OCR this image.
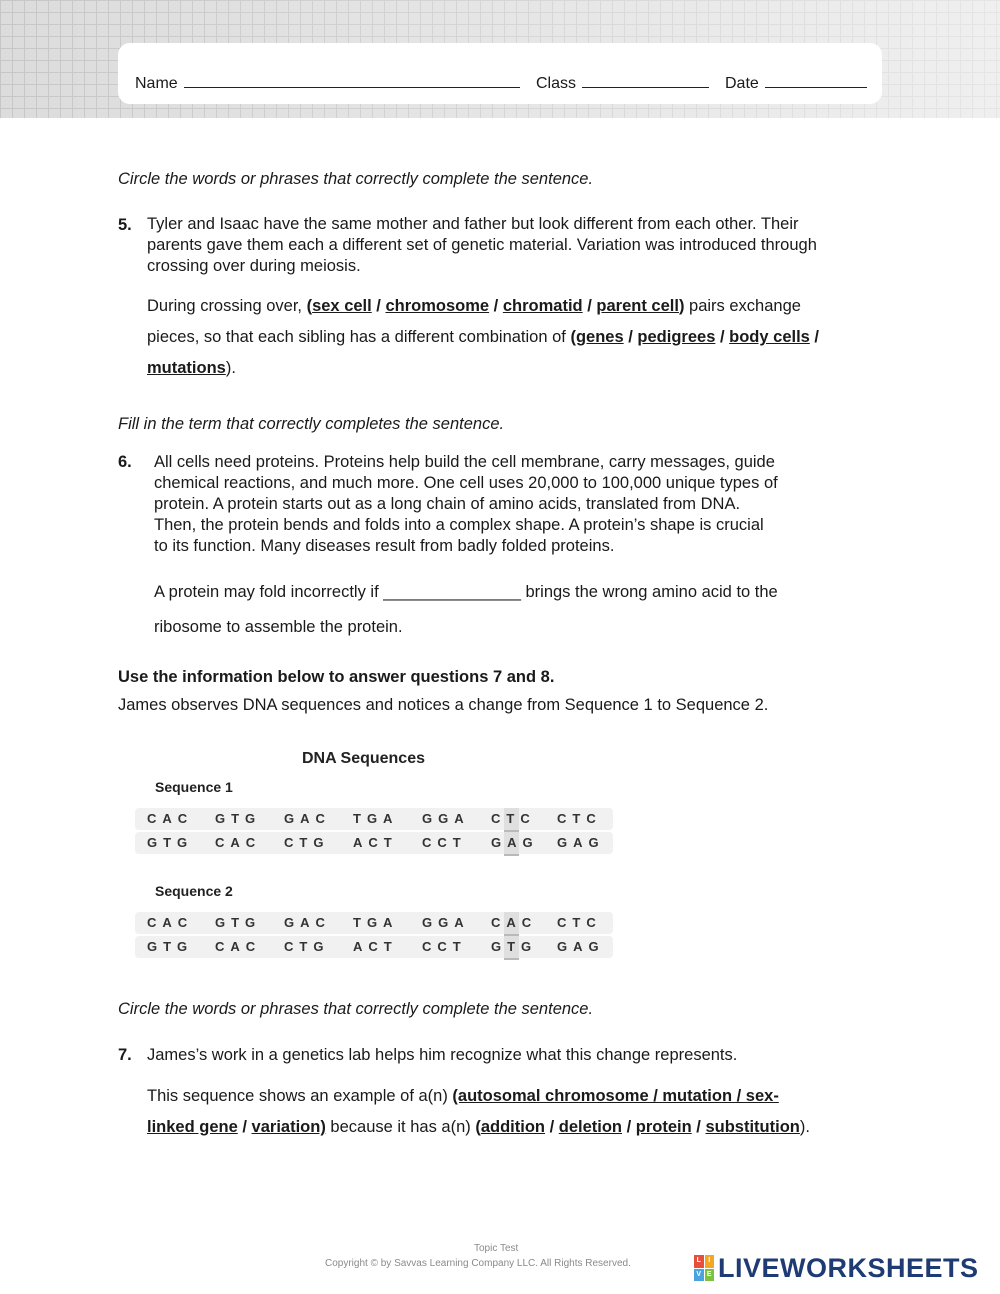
Name	Class	Date
Circle the words or phrases that correctly complete the sentence.
5. Tyler and Isaac have the same mother and father but look different from each other. Their
parents gave them each a different set of genetic material. Variation was introduced through
crossing over during meiosis.
During crossing over, (sex cell / chromosome / chromatid / parent cell) pairs exchange
pieces, so that each sibling has a different combination of (genes / pedigrees / body cells /
mutations).
Fill in the term that correctly completes the sentence.
6. All cells need proteins. Proteins help build the cell membrane, carry messages, guide
chemical reactions, and much more. One cell uses 20,000 to 100,000 unique types of
protein. A protein starts out as a long chain of amino acids, translated from DNA.
Then, the protein bends and folds into a complex shape. A protein’s shape is crucial
to its function. Many diseases result from badly folded proteins.
A protein may fold incorrectly if _______________ brings the wrong amino acid to the
ribosome to assemble the protein.
Use the information below to answer questions 7 and 8.
James observes DNA sequences and notices a change from Sequence 1 to Sequence 2.
DNA Sequences
Sequence 1
CAC GTG GAC TGA GGA CTC CTC
GTG CAC CTG ACT CCT GAG GAG
CAC GTG GAC TGA GGA CAC CTC
GTG CAC CTG ACT CCT GTG GAG
Sequence 2
Circle the words or phrases that correctly complete the sentence.
7. James’s work in a genetics lab helps him recognize what this change represents.
This sequence shows an example of a(n) (autosomal chromosome / mutation / sex-
linked gene / variation) because it has a(n) (addition / deletion / protein / substitution).
Topic Test
Copyright © by Savvas Learning Company LLC. All Rights Reserved.	L	I
V E LIVEWORKSHEETS
